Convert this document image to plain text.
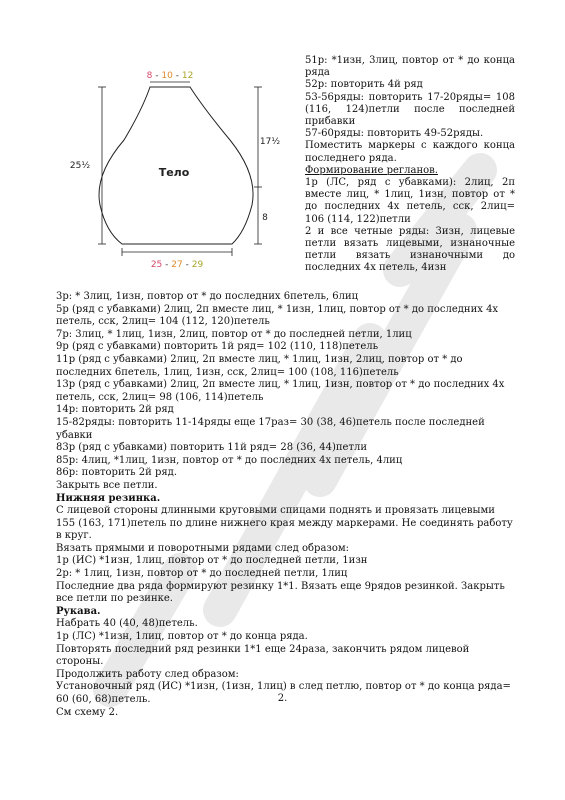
8 - 10 - 12
25½
17½
8
Тело
25 - 27 - 29

51р: *1изн, 3лиц, повтор от * до конца ряда

52р: повторить 4й ряд

53-56ряды: повторить 17-20ряды= 108 (116, 124)петли после последней прибавки

57-60ряды: повторить 49-52ряды.

Поместить маркеры с каждого конца последнего ряда.

Формирование регланов.

1р (ЛС, ряд с убавками): 2лиц, 2п вместе лиц, * 1лиц, 1изн, повтор от * до последних 4х петель, сск, 2лиц= 106 (114, 122)петли

2 и все четные ряды: 3изн, лицевые петли вязать лицевыми, изнаночные петли вязать изнаночными до последних 4х петель, 4изн

3р: * 3лиц, 1изн, повтор от * до последних 6петель, 6лиц

5р (ряд с убавками) 2лиц, 2п вместе лиц, * 1изн, 1лиц, повтор от * до последних 4х петель, сск, 2лиц= 104 (112, 120)петель

7р: 3лиц, * 1лиц, 1изн, 2лиц, повтор от * до последней петли, 1лиц

9р (ряд с убавками) повторить 1й ряд= 102 (110, 118)петель

11р (ряд с убавками) 2лиц, 2п вместе лиц, * 1лиц, 1изн, 2лиц, повтор от * до последних 6петель, 1лиц, 1изн, сск, 2лиц= 100 (108, 116)петель

13р (ряд с убавками) 2лиц, 2п вместе лиц, * 1лиц, 1изн, повтор от * до последних 4х петель, сск, 2лиц= 98 (106, 114)петель

14р: повторить 2й ряд

15-82ряды: повторить 11-14ряды еще 17раз= 30 (38, 46)петель после последней убавки

83р (ряд с убавками) повторить 11й ряд= 28 (36, 44)петли

85р: 4лиц, *1лиц, 1изн, повтор от * до последних 4х петель, 4лиц

86р: повторить 2й ряд.

Закрыть все петли.

Нижняя резинка.

С лицевой стороны длинными круговыми спицами поднять и провязать лицевыми 155 (163, 171)петель по длине нижнего края между маркерами. Не соединять работу в круг.

Вязать прямыми и поворотными рядами след образом:

1р (ИС) *1изн, 1лиц, повтор от * до последней петли, 1изн

2р: * 1лиц, 1изн, повтор от * до последней петли, 1лиц

Последние два ряда формируют резинку 1*1. Вязать еще 9рядов резинкой. Закрыть все петли по резинке.

Рукава.

Набрать 40 (40, 48)петель.

1р (ЛС) *1изн, 1лиц, повтор от * до конца ряда.

Повторять последний ряд резинки 1*1 еще 24раза, закончить рядом лицевой стороны.

Продолжить работу след образом:

Установочный ряд (ИС) *1изн, (1изн, 1лиц) в след петлю, повтор от * до конца ряда= 60 (60, 68)петель.

См схему 2.

2.
